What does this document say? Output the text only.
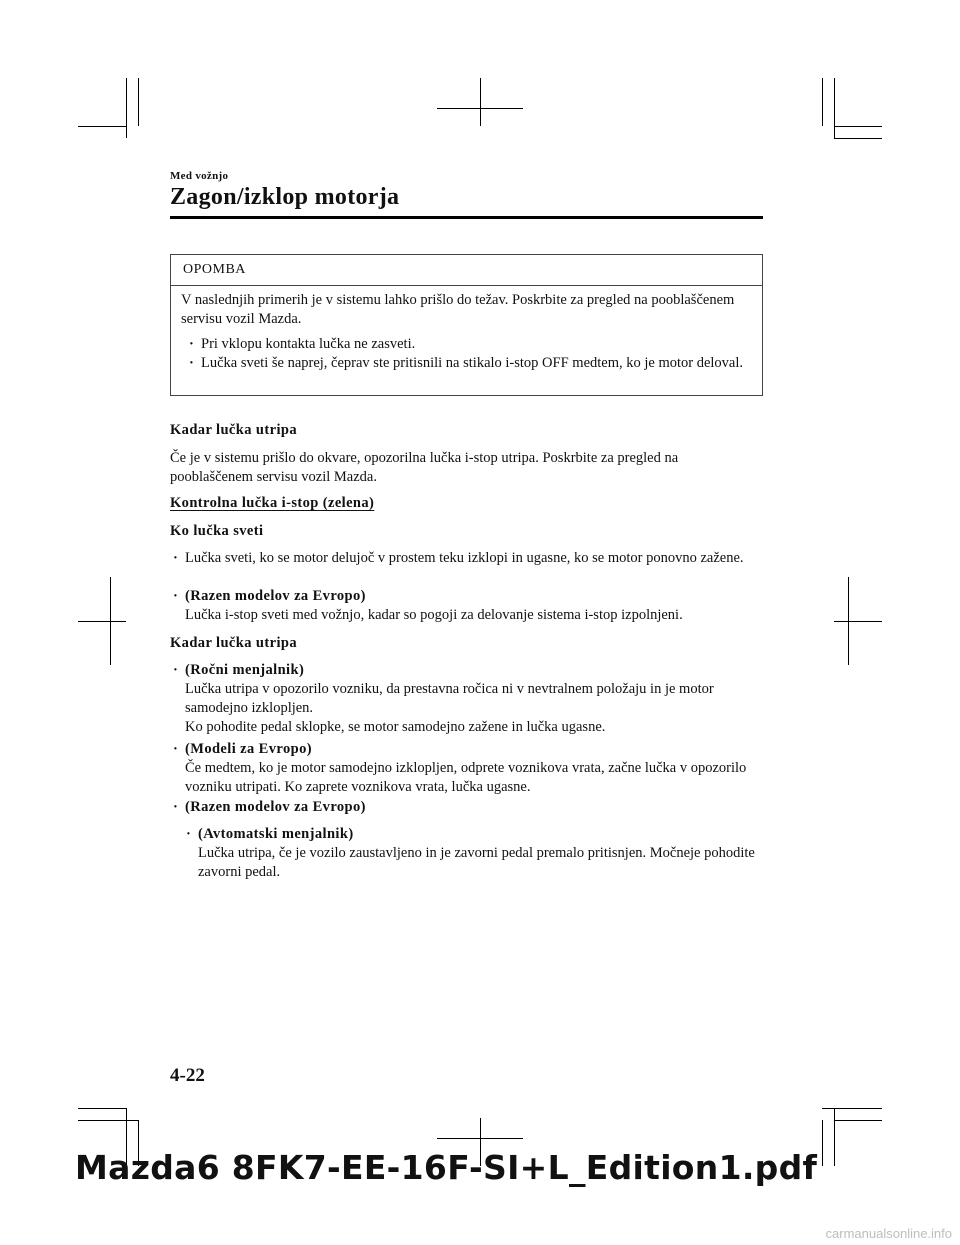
Med vožnjo
Zagon/izklop motorja
OPOMBA
V naslednjih primerih je v sistemu lahko prišlo do težav. Poskrbite za pregled na pooblaščenem servisu vozil Mazda.
· Pri vklopu kontakta lučka ne zasveti.
· Lučka sveti še naprej, čeprav ste pritisnili na stikalo i-stop OFF medtem, ko je motor deloval.
Kadar lučka utripa
Če je v sistemu prišlo do okvare, opozorilna lučka i-stop utripa. Poskrbite za pregled na pooblaščenem servisu vozil Mazda.
Kontrolna lučka i-stop (zelena)
Ko lučka sveti
· Lučka sveti, ko se motor delujoč v prostem teku izklopi in ugasne, ko se motor ponovno zažene.
· (Razen modelov za Evropo)
Lučka i-stop sveti med vožnjo, kadar so pogoji za delovanje sistema i-stop izpolnjeni.
Kadar lučka utripa
· (Ročni menjalnik)
Lučka utripa v opozorilo vozniku, da prestavna ročica ni v nevtralnem položaju in je motor samodejno izklopljen.
Ko pohodite pedal sklopke, se motor samodejno zažene in lučka ugasne.
· (Modeli za Evropo)
Če medtem, ko je motor samodejno izklopljen, odprete voznikova vrata, začne lučka v opozorilo vozniku utripati. Ko zaprete voznikova vrata, lučka ugasne.
· (Razen modelov za Evropo)
· (Avtomatski menjalnik)
Lučka utripa, če je vozilo zaustavljeno in je zavorni pedal premalo pritisnjen. Močneje pohodite zavorni pedal.
4-22
Mazda6 8FK7-EE-16F-SI+L_Edition1.pdf
carmanualsonline.info
